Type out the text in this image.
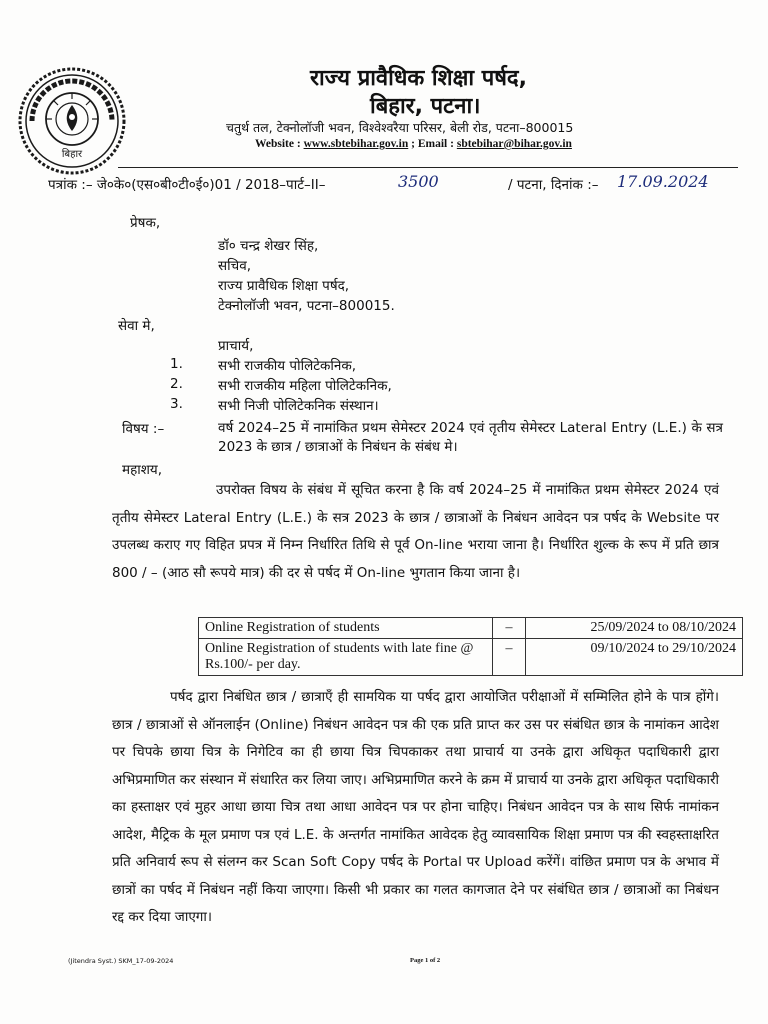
बिहार
राज्य प्रावैधिक शिक्षा पर्षद,
बिहार, पटना।
चतुर्थ तल, टेक्नोलॉजी भवन, विश्वेश्वरैया परिसर, बेली रोड, पटना–800015
Website : www.sbtebihar.gov.in ; Email : sbtebihar@bihar.gov.in
पत्रांक :– जे०के०(एस०बी०टी०ई०)01 / 2018–पार्ट–II–	3500	/ पटना, दिनांक :– 17.09.2024
प्रेषक,
डॉ० चन्द्र शेखर सिंह,
सचिव,
राज्य प्रावैधिक शिक्षा पर्षद,
टेक्नोलॉजी भवन, पटना–800015.
सेवा मे,
प्राचार्य,
1.	सभी राजकीय पोलिटेकनिक,
2.	सभी राजकीय महिला पोलिटेकनिक,
3.	सभी निजी पोलिटेकनिक संस्थान।
विषय :–	वर्ष 2024–25 में नामांकित प्रथम सेमेस्टर 2024 एवं तृतीय सेमेस्टर Lateral Entry (L.E.) के सत्र 2023 के छात्र / छात्राओं के निबंधन के संबंध मे।
महाशय,
उपरोक्त विषय के संबंध में सूचित करना है कि वर्ष 2024–25 में नामांकित प्रथम सेमेस्टर 2024 एवं तृतीय सेमेस्टर Lateral Entry (L.E.) के सत्र 2023 के छात्र / छात्राओं के निबंधन आवेदन पत्र पर्षद के Website पर उपलब्ध कराए गए विहित प्रपत्र में निम्न निर्धारित तिथि से पूर्व On-line भराया जाना है। निर्धारित शुल्क के रूप में प्रति छात्र 800 / – (आठ सौ रूपये मात्र) की दर से पर्षद में On-line भुगतान किया जाना है।
Online Registration of students	–	25/09/2024 to 08/10/2024
Online Registration of students with late fine @ Rs.100/- per day.	–	09/10/2024 to 29/10/2024
पर्षद द्वारा निबंधित छात्र / छात्राएँ ही सामयिक या पर्षद द्वारा आयोजित परीक्षाओं में सम्मिलित होने के पात्र होंगे। छात्र / छात्राओं से ऑनलाईन (Online) निबंधन आवेदन पत्र की एक प्रति प्राप्त कर उस पर संबंधित छात्र के नामांकन आदेश पर चिपके छाया चित्र के निगेटिव का ही छाया चित्र चिपकाकर तथा प्राचार्य या उनके द्वारा अधिकृत पदाधिकारी द्वारा अभिप्रमाणित कर संस्थान में संधारित कर लिया जाए। अभिप्रमाणित करने के क्रम में प्राचार्य या उनके द्वारा अधिकृत पदाधिकारी का हस्ताक्षर एवं मुहर आधा छाया चित्र तथा आधा आवेदन पत्र पर होना चाहिए। निबंधन आवेदन पत्र के साथ सिर्फ नामांकन आदेश, मैट्रिक के मूल प्रमाण पत्र एवं L.E. के अन्तर्गत नामांकित आवेदक हेतु व्यावसायिक शिक्षा प्रमाण पत्र की स्वहस्ताक्षरित प्रति अनिवार्य रूप से संलग्न कर Scan Soft Copy पर्षद के Portal पर Upload करेंगें। वांछित प्रमाण पत्र के अभाव में छात्रों का पर्षद में निबंधन नहीं किया जाएगा। किसी भी प्रकार का गलत कागजात देने पर संबंधित छात्र / छात्राओं का निबंधन रद्द कर दिया जाएगा।
(Jitendra Syst.) SKM_17-09-2024	Page 1 of 2
